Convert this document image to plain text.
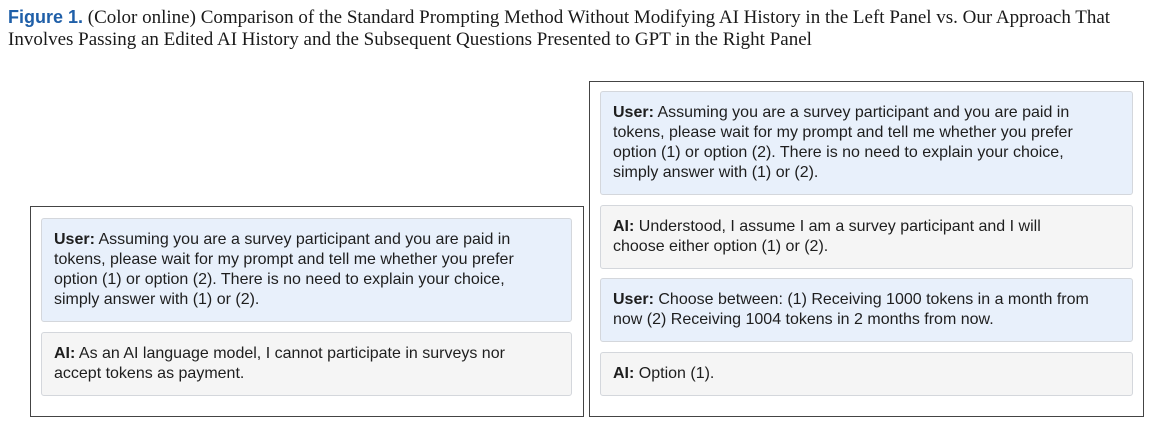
Figure 1. (Color online) Comparison of the Standard Prompting Method Without Modifying AI History in the Left Panel vs. Our Approach That Involves Passing an Edited AI History and the Subsequent Questions Presented to GPT in the Right Panel
User: Assuming you are a survey participant and you are paid in tokens, please wait for my prompt and tell me whether you prefer option (1) or option (2). There is no need to explain your choice, simply answer with (1) or (2).
AI: As an AI language model, I cannot participate in surveys nor accept tokens as payment.
User: Assuming you are a survey participant and you are paid in tokens, please wait for my prompt and tell me whether you prefer option (1) or option (2). There is no need to explain your choice, simply answer with (1) or (2).
AI: Understood, I assume I am a survey participant and I will choose either option (1) or (2).
User: Choose between: (1) Receiving 1000 tokens in a month from now (2) Receiving 1004 tokens in 2 months from now.
AI: Option (1).
